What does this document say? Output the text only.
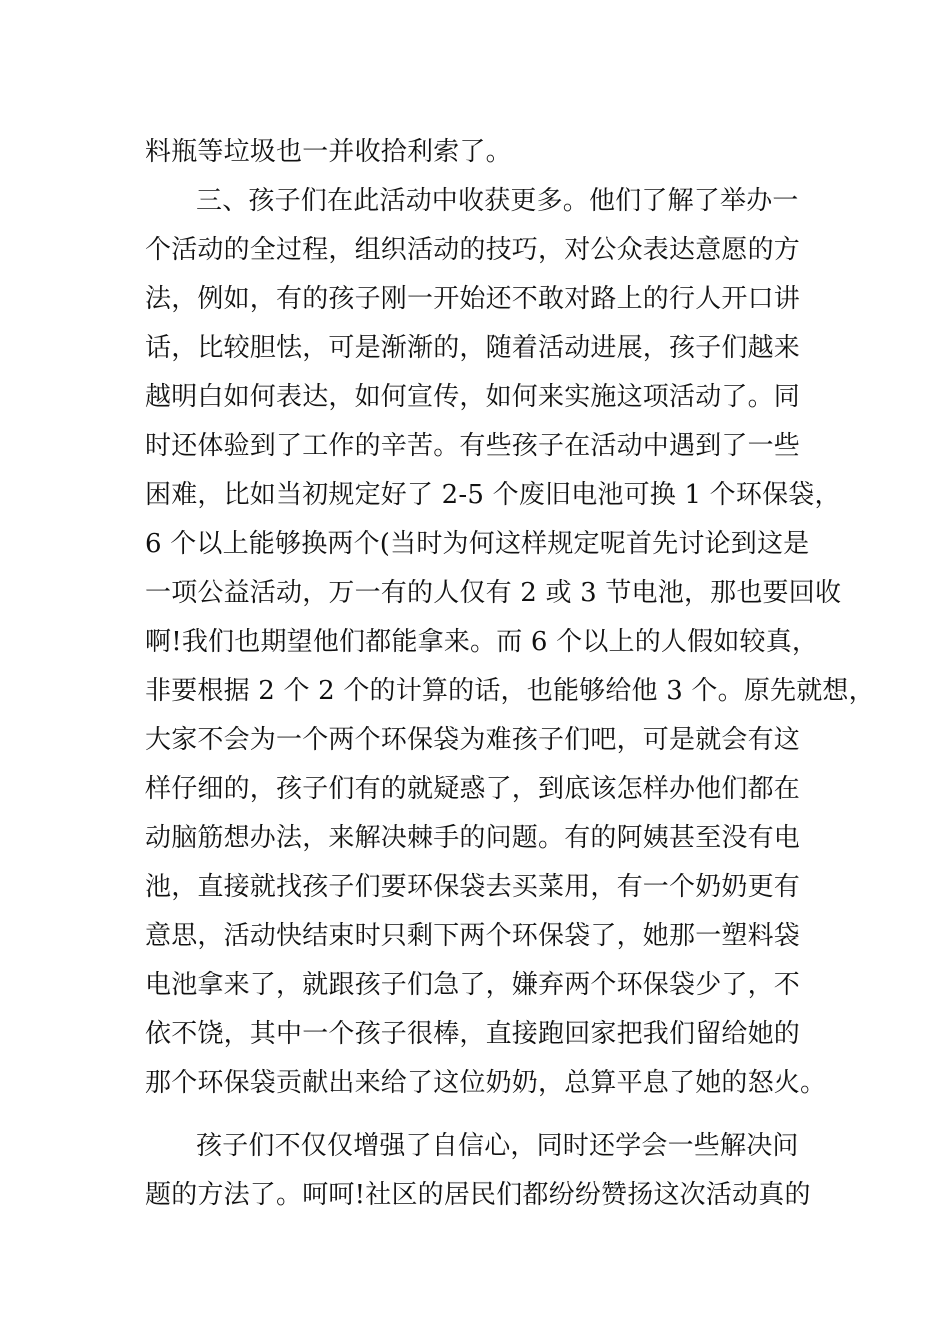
料瓶等垃圾也一并收拾利索了。
三、孩子们在此活动中收获更多。他们了解了举办一
个活动的全过程，组织活动的技巧，对公众表达意愿的方
法，例如，有的孩子刚一开始还不敢对路上的行人开口讲
话，比较胆怯，可是渐渐的，随着活动进展，孩子们越来
越明白如何表达，如何宣传，如何来实施这项活动了。同
时还体验到了工作的辛苦。有些孩子在活动中遇到了一些
困难，比如当初规定好了 2-5 个废旧电池可换 1 个环保袋，
6 个以上能够换两个(当时为何这样规定呢首先讨论到这是
一项公益活动，万一有的人仅有 2 或 3 节电池，那也要回收
啊!我们也期望他们都能拿来。而 6 个以上的人假如较真，
非要根据 2 个 2 个的计算的话，也能够给他 3 个。原先就想，
大家不会为一个两个环保袋为难孩子们吧，可是就会有这
样仔细的，孩子们有的就疑惑了，到底该怎样办他们都在
动脑筋想办法，来解决棘手的问题。有的阿姨甚至没有电
池，直接就找孩子们要环保袋去买菜用，有一个奶奶更有
意思，活动快结束时只剩下两个环保袋了，她那一塑料袋
电池拿来了，就跟孩子们急了，嫌弃两个环保袋少了，不
依不饶，其中一个孩子很棒，直接跑回家把我们留给她的
那个环保袋贡献出来给了这位奶奶，总算平息了她的怒火。
孩子们不仅仅增强了自信心，同时还学会一些解决问
题的方法了。呵呵!社区的居民们都纷纷赞扬这次活动真的
